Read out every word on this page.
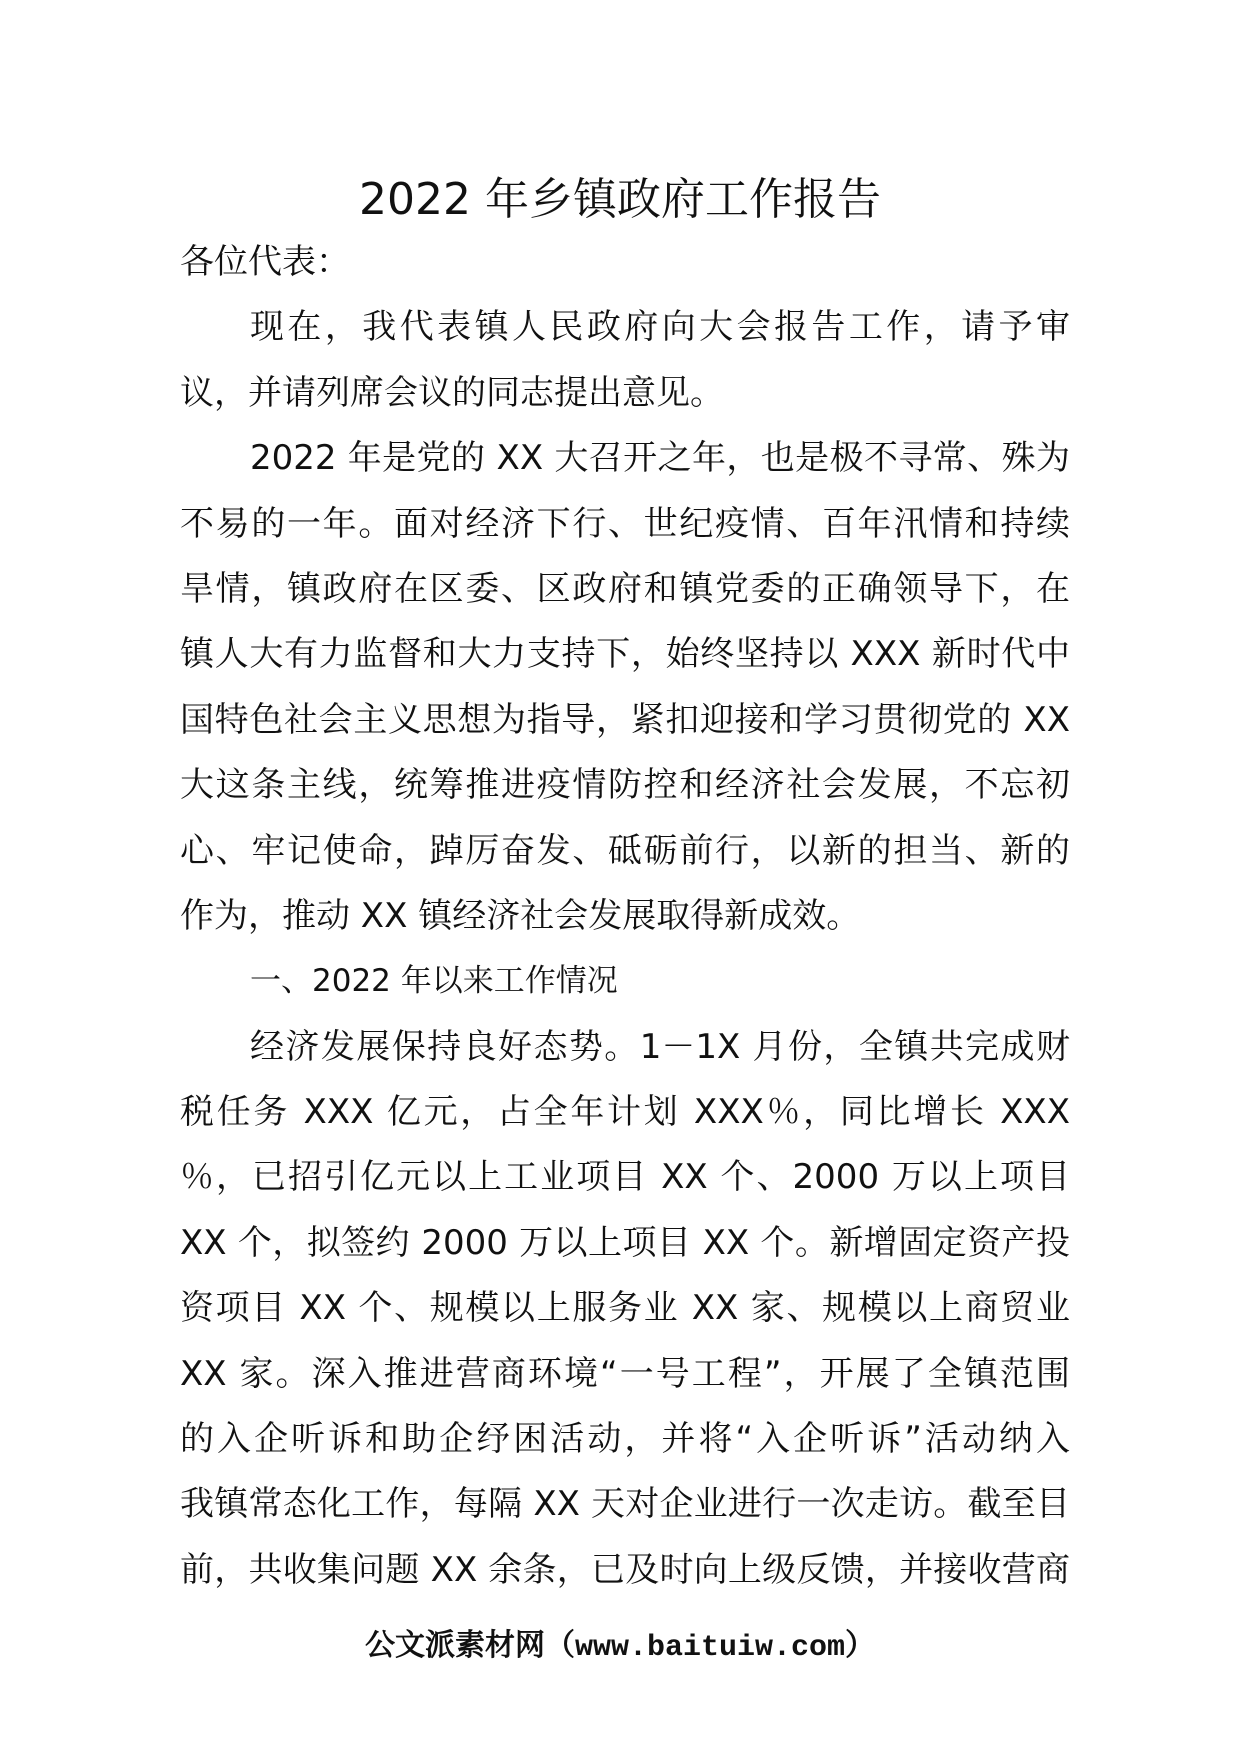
2022 年乡镇政府工作报告
各位代表：
现在，我代表镇人民政府向大会报告工作，请予审
议，并请列席会议的同志提出意见。
2022 年是党的 XX 大召开之年，也是极不寻常、殊为
不易的一年。面对经济下行、世纪疫情、百年汛情和持续
旱情，镇政府在区委、区政府和镇党委的正确领导下，在
镇人大有力监督和大力支持下，始终坚持以 XXX 新时代中
国特色社会主义思想为指导，紧扣迎接和学习贯彻党的 XX
大这条主线，统筹推进疫情防控和经济社会发展，不忘初
心、牢记使命，踔厉奋发、砥砺前行，以新的担当、新的
作为，推动 XX 镇经济社会发展取得新成效。
一、2022 年以来工作情况
经济发展保持良好态势。1－1X 月份，全镇共完成财
税任务 XXX 亿元，占全年计划 XXX％，同比增长 XXX
％，已招引亿元以上工业项目 XX 个、2000 万以上项目
XX 个，拟签约 2000 万以上项目 XX 个。新增固定资产投
资项目 XX 个、规模以上服务业 XX 家、规模以上商贸业
XX 家。深入推进营商环境“一号工程”，开展了全镇范围
的入企听诉和助企纾困活动，并将“入企听诉”活动纳入
我镇常态化工作，每隔 XX 天对企业进行一次走访。截至目
前，共收集问题 XX 余条，已及时向上级反馈，并接收营商
公文派素材网（www.baituiw.com）
